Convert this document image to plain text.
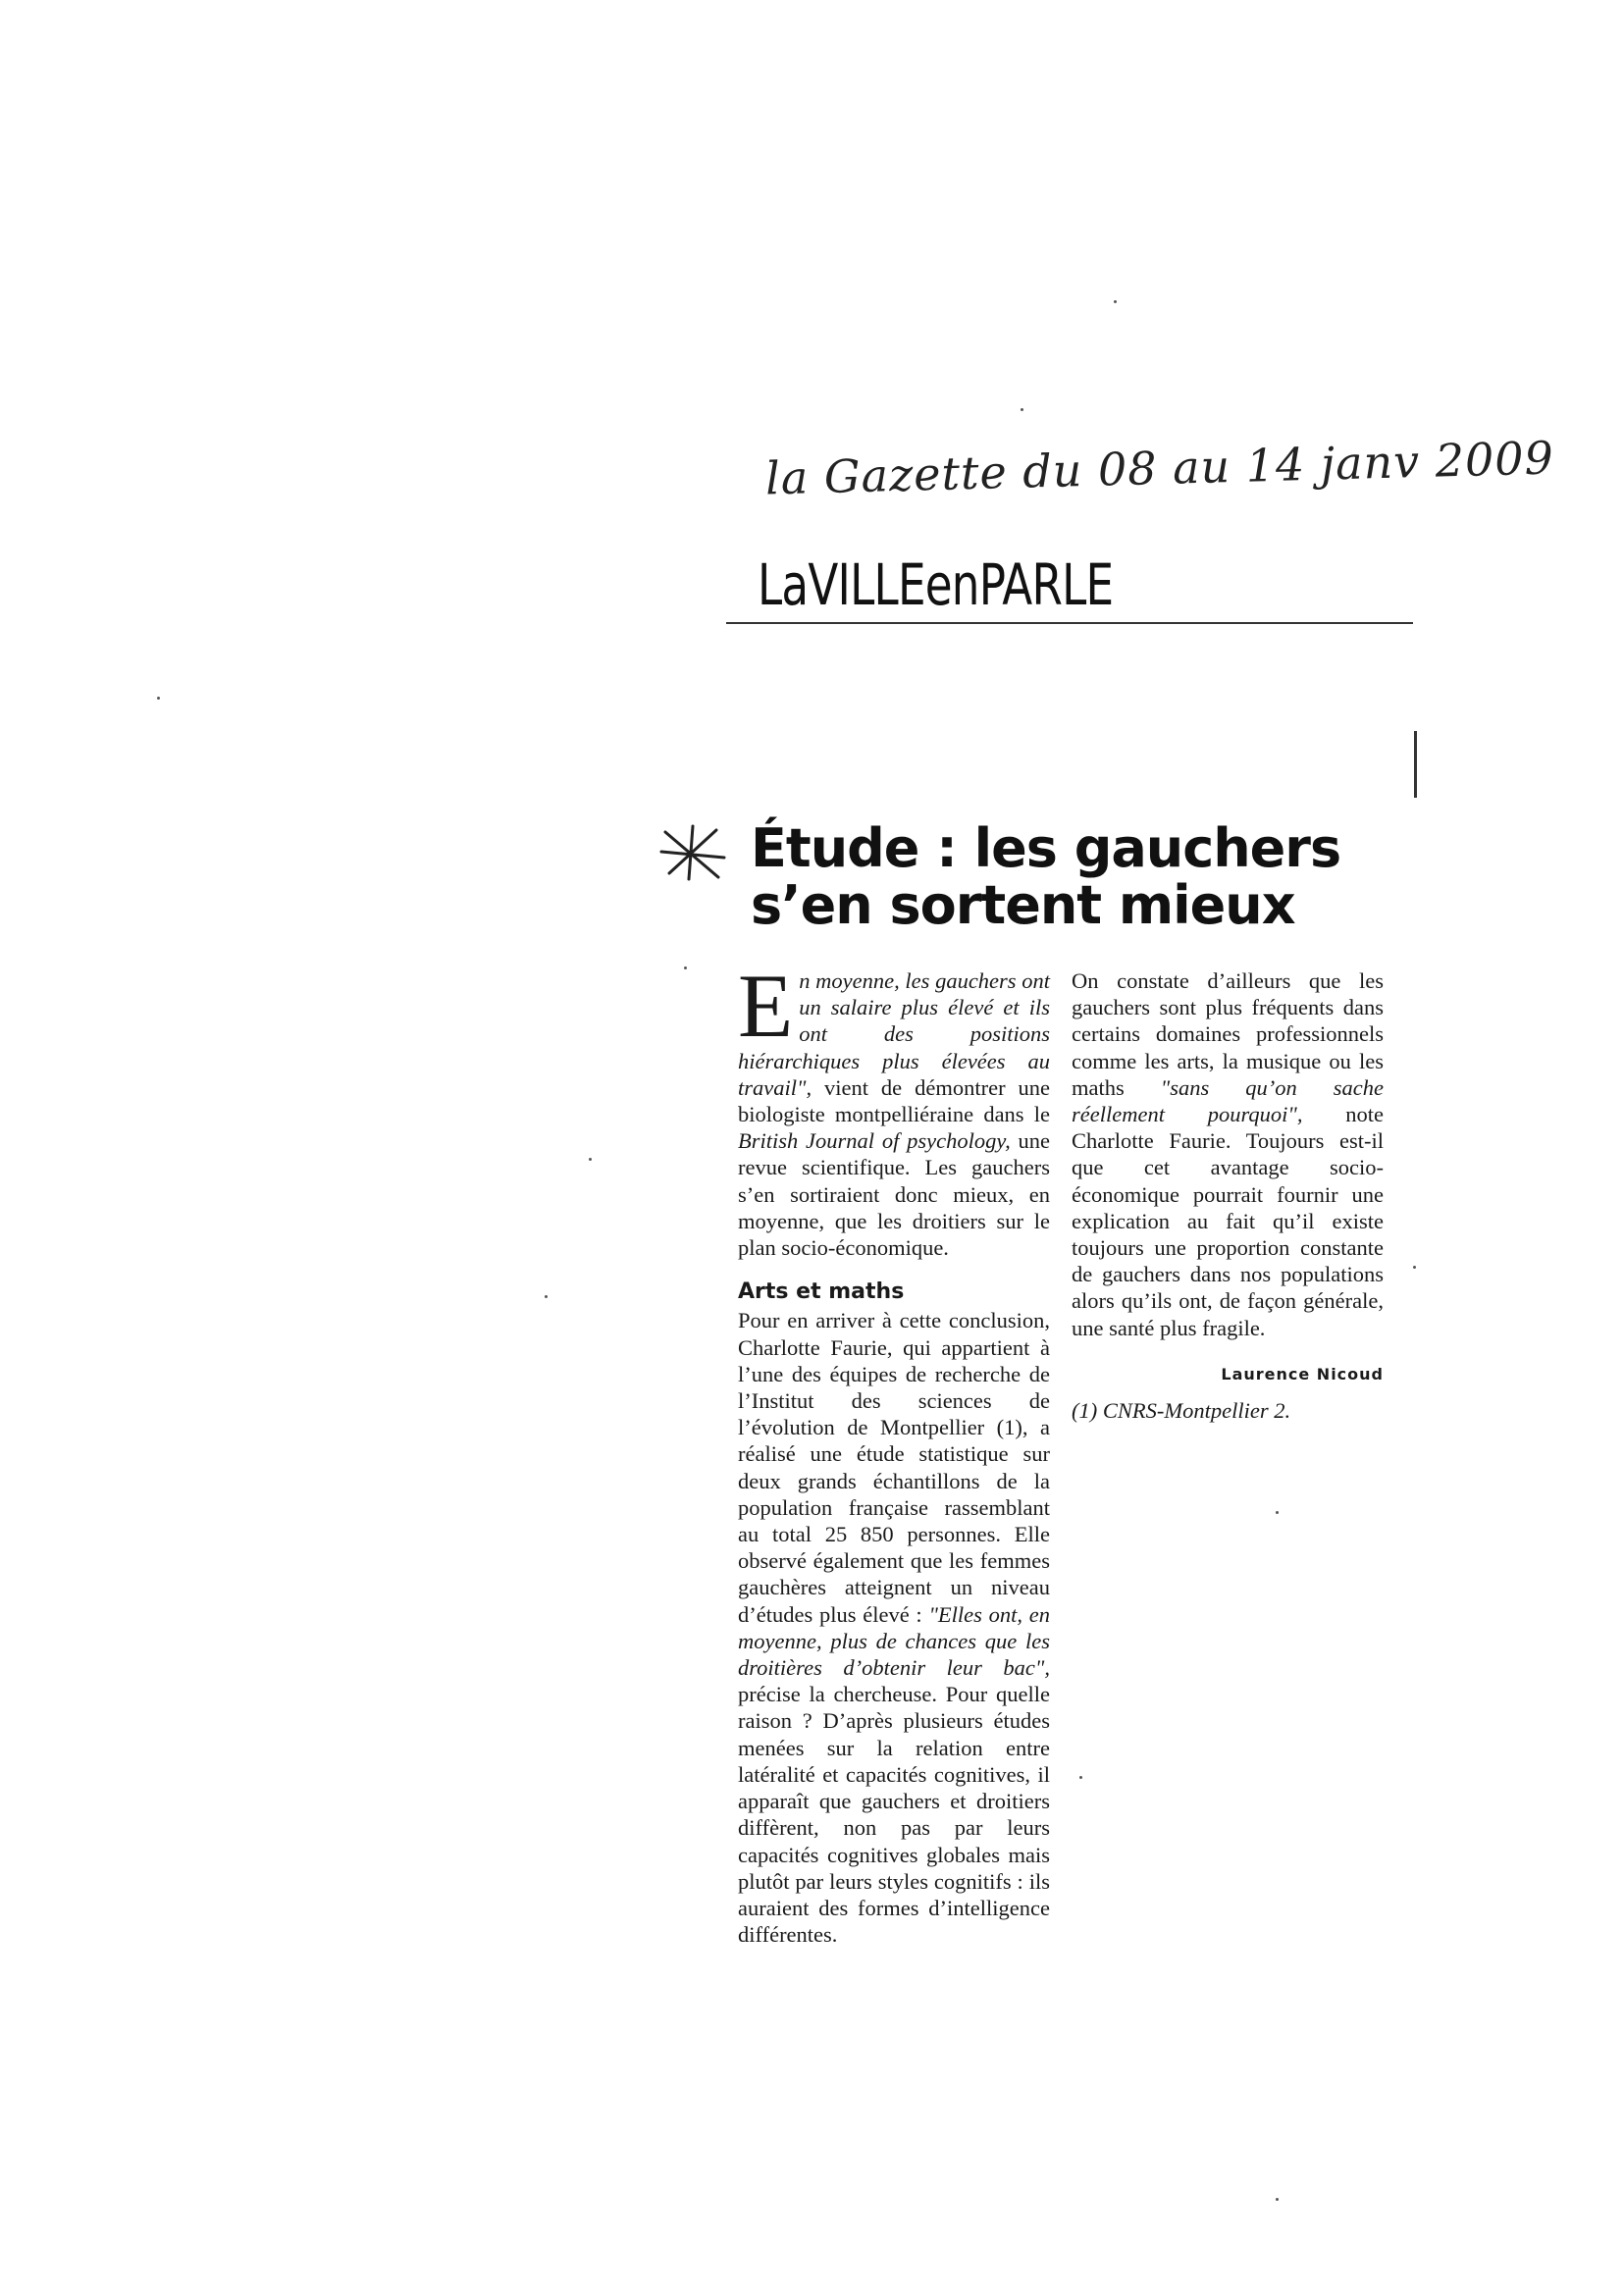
la Gazette du 08 au 14 janv 2009
LaVILLEenPARLE
Étude : les gauchers s’en sortent mieux

En moyenne, les gauchers ont un salaire plus élevé et ils ont des positions hiérarchiques plus élevées au travail", vient de démontrer une biologiste montpelliéraine dans le British Journal of psychology, une revue scientifique. Les gauchers s’en sortiraient donc mieux, en moyenne, que les droitiers sur le plan socio-économique.

Arts et maths

Pour en arriver à cette conclusion, Charlotte Faurie, qui appartient à l’une des équipes de recherche de l’Institut des sciences de l’évolution de Montpellier (1), a réalisé une étude statistique sur deux grands échantillons de la population française rassemblant au total 25 850 personnes. Elle observé également que les femmes gauchères atteignent un niveau d’études plus élevé : "Elles ont, en moyenne, plus de chances que les droitières d’obtenir leur bac", précise la chercheuse. Pour quelle raison ? D’après plusieurs études menées sur la relation entre latéralité et capacités cognitives, il apparaît que gauchers et droitiers diffèrent, non pas par leurs capacités cognitives globales mais plutôt par leurs styles cognitifs : ils auraient des formes d’intelligence différentes.

On constate d’ailleurs que les gauchers sont plus fréquents dans certains domaines professionnels comme les arts, la musique ou les maths "sans qu’on sache réellement pourquoi", note Charlotte Faurie. Toujours est-il que cet avantage socio-économique pourrait fournir une explication au fait qu’il existe toujours une proportion constante de gauchers dans nos populations alors qu’ils ont, de façon générale, une santé plus fragile.

Laurence Nicoud
(1) CNRS-Montpellier 2.
